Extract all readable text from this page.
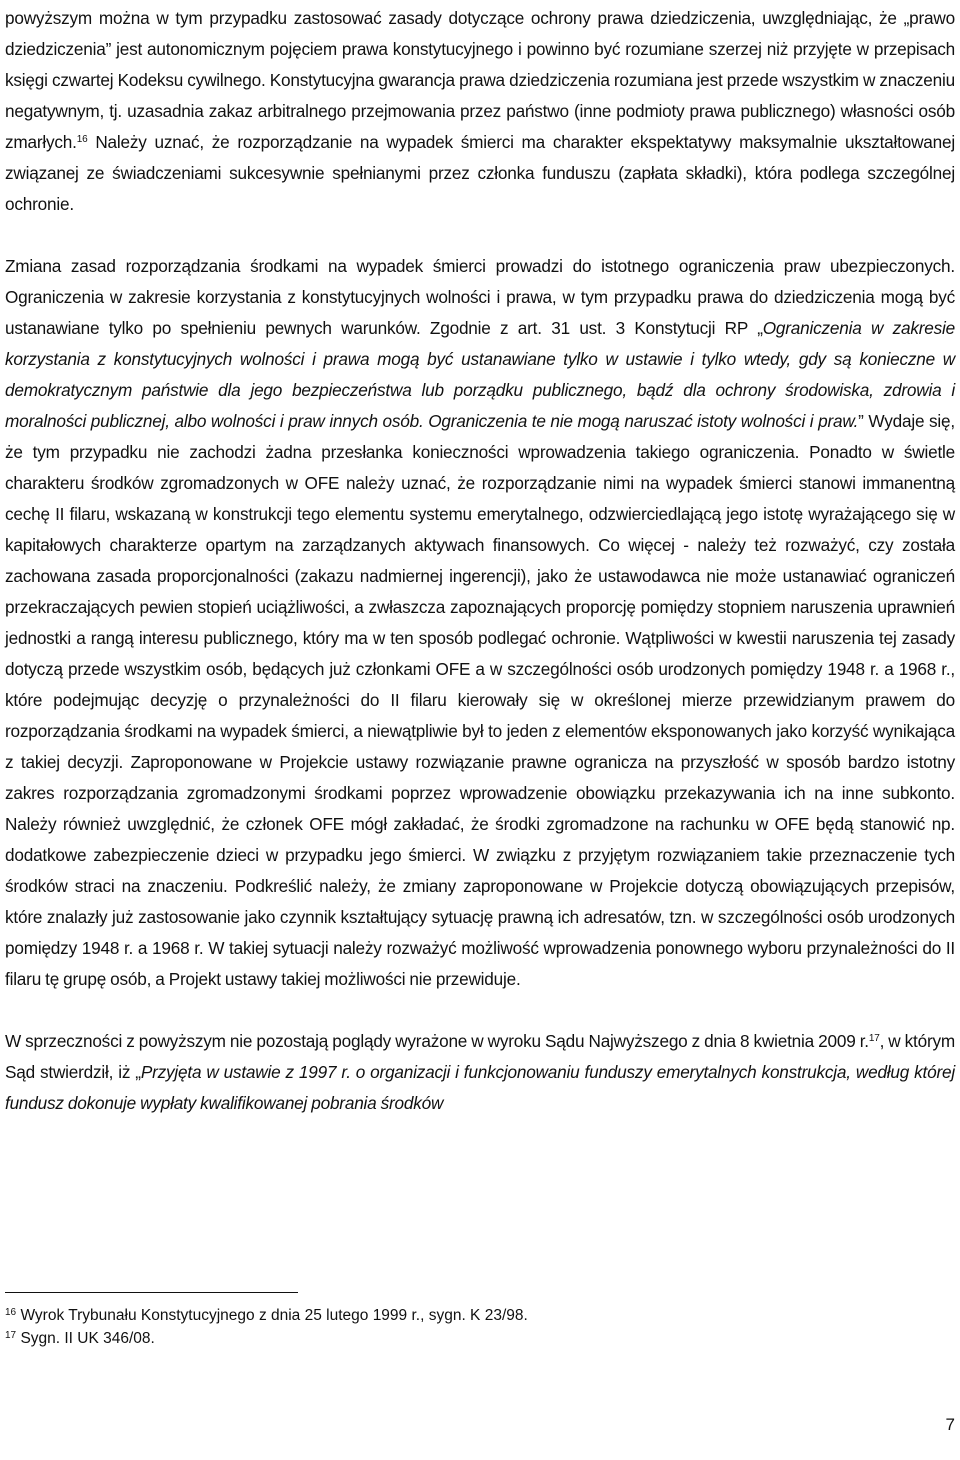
powyższym można w tym przypadku zastosować zasady dotyczące ochrony prawa dziedziczenia, uwzględniając, że „prawo dziedziczenia” jest autonomicznym pojęciem prawa konstytucyjnego i powinno być rozumiane szerzej niż przyjęte w przepisach księgi czwartej Kodeksu cywilnego. Konstytucyjna gwarancja prawa dziedziczenia rozumiana jest przede wszystkim w znaczeniu negatywnym, tj. uzasadnia zakaz arbitralnego przejmowania przez państwo (inne podmioty prawa publicznego) własności osób zmarłych.$^{16}$ Należy uznać, że rozporządzanie na wypadek śmierci ma charakter ekspektatywy maksymalnie ukształtowanej związanej ze świadczeniami sukcesywnie spełnianymi przez członka funduszu (zapłata składki), która podlega szczególnej ochronie.

Zmiana zasad rozporządzania środkami na wypadek śmierci prowadzi do istotnego ograniczenia praw ubezpieczonych. Ograniczenia w zakresie korzystania z konstytucyjnych wolności i prawa, w tym przypadku prawa do dziedziczenia mogą być ustanawiane tylko po spełnieniu pewnych warunków. Zgodnie z art. 31 ust. 3 Konstytucji RP „Ograniczenia w zakresie korzystania z konstytucyjnych wolności i prawa mogą być ustanawiane tylko w ustawie i tylko wtedy, gdy są konieczne w demokratycznym państwie dla jego bezpieczeństwa lub porządku publicznego, bądź dla ochrony środowiska, zdrowia i moralności publicznej, albo wolności i praw innych osób. Ograniczenia te nie mogą naruszać istoty wolności i praw.” Wydaje się, że tym przypadku nie zachodzi żadna przesłanka konieczności wprowadzenia takiego ograniczenia. Ponadto w świetle charakteru środków zgromadzonych w OFE należy uznać, że rozporządzanie nimi na wypadek śmierci stanowi immanentną cechę II filaru, wskazaną w konstrukcji tego elementu systemu emerytalnego, odzwierciedlającą jego istotę wyrażającego się w kapitałowych charakterze opartym na zarządzanych aktywach finansowych. Co więcej - należy też rozważyć, czy została zachowana zasada proporcjonalności (zakazu nadmiernej ingerencji), jako że ustawodawca nie może ustanawiać ograniczeń przekraczających pewien stopień uciążliwości, a zwłaszcza zapoznających proporcję pomiędzy stopniem naruszenia uprawnień jednostki a rangą interesu publicznego, który ma w ten sposób podlegać ochronie. Wątpliwości w kwestii naruszenia tej zasady dotyczą przede wszystkim osób, będących już członkami OFE a w szczególności osób urodzonych pomiędzy 1948 r. a 1968 r., które podejmując decyzję o przynależności do II filaru kierowały się w określonej mierze przewidzianym prawem do rozporządzania środkami na wypadek śmierci, a niewątpliwie był to jeden z elementów eksponowanych jako korzyść wynikająca z takiej decyzji. Zaproponowane w Projekcie ustawy rozwiązanie prawne ogranicza na przyszłość w sposób bardzo istotny zakres rozporządzania zgromadzonymi środkami poprzez wprowadzenie obowiązku przekazywania ich na inne subkonto. Należy również uwzględnić, że członek OFE mógł zakładać, że środki zgromadzone na rachunku w OFE będą stanowić np. dodatkowe zabezpieczenie dzieci w przypadku jego śmierci. W związku z przyjętym rozwiązaniem takie przeznaczenie tych środków straci na znaczeniu. Podkreślić należy, że zmiany zaproponowane w Projekcie dotyczą obowiązujących przepisów, które znalazły już zastosowanie jako czynnik kształtujący sytuację prawną ich adresatów, tzn. w szczególności osób urodzonych pomiędzy 1948 r. a 1968 r. W takiej sytuacji należy rozważyć możliwość wprowadzenia ponownego wyboru przynależności do II filaru tę grupę osób, a Projekt ustawy takiej możliwości nie przewiduje.

W sprzeczności z powyższym nie pozostają poglądy wyrażone w wyroku Sądu Najwyższego z dnia 8 kwietnia 2009 r.$^{17}$, w którym Sąd stwierdził, iż „Przyjęta w ustawie z 1997 r. o organizacji i funkcjonowaniu funduszy emerytalnych konstrukcja, według której fundusz dokonuje wypłaty kwalifikowanej pobrania środków

$^{16}$ Wyrok Trybunału Konstytucyjnego z dnia 25 lutego 1999 r., sygn. K 23/98.

$^{17}$ Sygn. II UK 346/08.

7
